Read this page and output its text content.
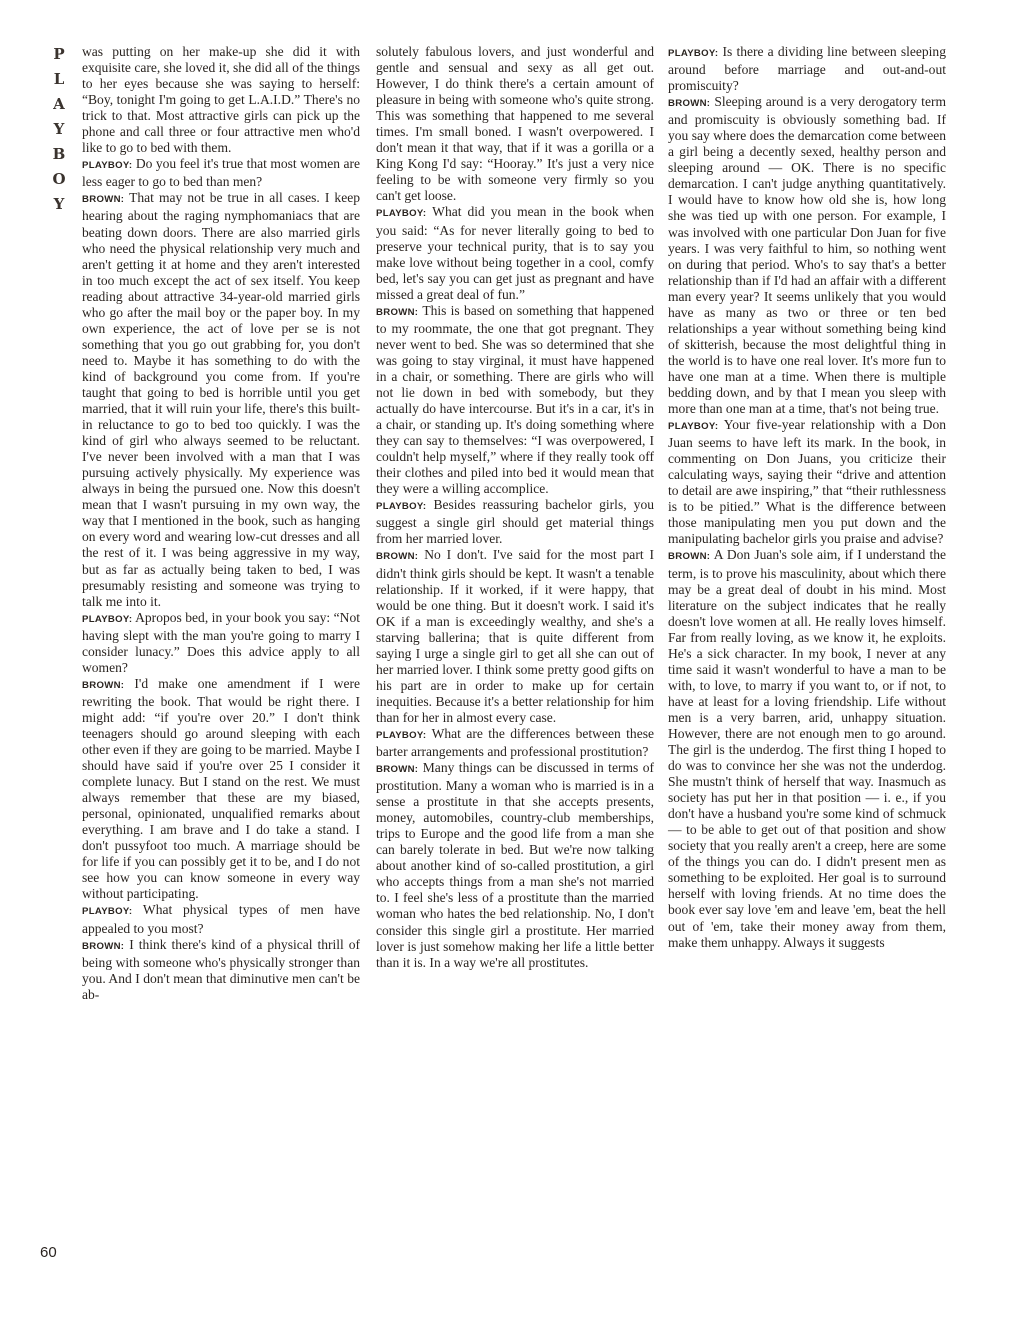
P
L
A
Y
B
O
Y
60

was putting on her make-up she did it with exquisite care, she loved it, she did all of the things to her eyes because she was saying to herself: “Boy, tonight I'm going to get L.A.I.D.” There's no trick to that. Most attractive girls can pick up the phone and call three or four attractive men who'd like to go to bed with them.

PLAYBOY: Do you feel it's true that most women are less eager to go to bed than men?

BROWN: That may not be true in all cases. I keep hearing about the raging nymphomaniacs that are beating down doors. There are also married girls who need the physical relationship very much and aren't getting it at home and they aren't interested in too much except the act of sex itself. You keep reading about attractive 34-year-old married girls who go after the mail boy or the paper boy. In my own experience, the act of love per se is not something that you go out grabbing for, you don't need to. Maybe it has something to do with the kind of background you come from. If you're taught that going to bed is horrible until you get married, that it will ruin your life, there's this built-in reluctance to go to bed too quickly. I was the kind of girl who always seemed to be reluctant. I've never been involved with a man that I was pursuing actively physically. My experience was always in being the pursued one. Now this doesn't mean that I wasn't pursuing in my own way, the way that I mentioned in the book, such as hanging on every word and wearing low-cut dresses and all the rest of it. I was being aggressive in my way, but as far as actually being taken to bed, I was presumably resisting and someone was trying to talk me into it.

PLAYBOY: Apropos bed, in your book you say: “Not having slept with the man you're going to marry I consider lunacy.” Does this advice apply to all women?

BROWN: I'd make one amendment if I were rewriting the book. That would be right there. I might add: “if you're over 20.” I don't think teenagers should go around sleeping with each other even if they are going to be married. Maybe I should have said if you're over 25 I consider it complete lunacy. But I stand on the rest. We must always remember that these are my biased, personal, opinionated, unqualified remarks about everything. I am brave and I do take a stand. I don't pussyfoot too much. A marriage should be for life if you can possibly get it to be, and I do not see how you can know someone in every way without participating.

PLAYBOY: What physical types of men have appealed to you most?

BROWN: I think there's kind of a physical thrill of being with someone who's physically stronger than you. And I don't mean that diminutive men can't be ab-

solutely fabulous lovers, and just wonderful and gentle and sensual and sexy as all get out. However, I do think there's a certain amount of pleasure in being with someone who's quite strong. This was something that happened to me several times. I'm small boned. I wasn't overpowered. I don't mean it that way, that if it was a gorilla or a King Kong I'd say: “Hooray.” It's just a very nice feeling to be with someone very firmly so you can't get loose.

PLAYBOY: What did you mean in the book when you said: “As for never literally going to bed to preserve your technical purity, that is to say you make love without being together in a cool, comfy bed, let's say you can get just as pregnant and have missed a great deal of fun.”

BROWN: This is based on something that happened to my roommate, the one that got pregnant. They never went to bed. She was so determined that she was going to stay virginal, it must have happened in a chair, or something. There are girls who will not lie down in bed with somebody, but they actually do have intercourse. But it's in a car, it's in a chair, or standing up. It's doing something where they can say to themselves: “I was overpowered, I couldn't help myself,” where if they really took off their clothes and piled into bed it would mean that they were a willing accomplice.

PLAYBOY: Besides reassuring bachelor girls, you suggest a single girl should get material things from her married lover.

BROWN: No I don't. I've said for the most part I didn't think girls should be kept. It wasn't a tenable relationship. If it worked, if it were happy, that would be one thing. But it doesn't work. I said it's OK if a man is exceedingly wealthy, and she's a starving ballerina; that is quite different from saying I urge a single girl to get all she can out of her married lover. I think some pretty good gifts on his part are in order to make up for certain inequities. Because it's a better relationship for him than for her in almost every case.

PLAYBOY: What are the differences between these barter arrangements and professional prostitution?

BROWN: Many things can be discussed in terms of prostitution. Many a woman who is married is in a sense a prostitute in that she accepts presents, money, automobiles, country-club memberships, trips to Europe and the good life from a man she can barely tolerate in bed. But we're now talking about another kind of so-called prostitution, a girl who accepts things from a man she's not married to. I feel she's less of a prostitute than the married woman who hates the bed relationship. No, I don't consider this single girl a prostitute. Her married lover is just somehow making her life a little better than it is. In a way we're all prostitutes.

PLAYBOY: Is there a dividing line between sleeping around before marriage and out-and-out promiscuity?

BROWN: Sleeping around is a very derogatory term and promiscuity is obviously something bad. If you say where does the demarcation come between a girl being a decently sexed, healthy person and sleeping around — OK. There is no specific demarcation. I can't judge anything quantitatively. I would have to know how old she is, how long she was tied up with one person. For example, I was involved with one particular Don Juan for five years. I was very faithful to him, so nothing went on during that period. Who's to say that's a better relationship than if I'd had an affair with a different man every year? It seems unlikely that you would have as many as two or three or ten bed relationships a year without something being kind of skitterish, because the most delightful thing in the world is to have one real lover. It's more fun to have one man at a time. When there is multiple bedding down, and by that I mean you sleep with more than one man at a time, that's not being true.

PLAYBOY: Your five-year relationship with a Don Juan seems to have left its mark. In the book, in commenting on Don Juans, you criticize their calculating ways, saying their “drive and attention to detail are awe inspiring,” that “their ruthlessness is to be pitied.” What is the difference between those manipulating men you put down and the manipulating bachelor girls you praise and advise?

BROWN: A Don Juan's sole aim, if I understand the term, is to prove his masculinity, about which there may be a great deal of doubt in his mind. Most literature on the subject indicates that he really doesn't love women at all. He really loves himself. Far from really loving, as we know it, he exploits. He's a sick character. In my book, I never at any time said it wasn't wonderful to have a man to be with, to love, to marry if you want to, or if not, to have at least for a loving friendship. Life without men is a very barren, arid, unhappy situation. However, there are not enough men to go around. The girl is the underdog. The first thing I hoped to do was to convince her she was not the underdog. She mustn't think of herself that way. Inasmuch as society has put her in that position — i. e., if you don't have a husband you're some kind of schmuck — to be able to get out of that position and show society that you really aren't a creep, here are some of the things you can do. I didn't present men as something to be exploited. Her goal is to surround herself with loving friends. At no time does the book ever say love 'em and leave 'em, beat the hell out of 'em, take their money away from them, make them unhappy. Always it suggests
